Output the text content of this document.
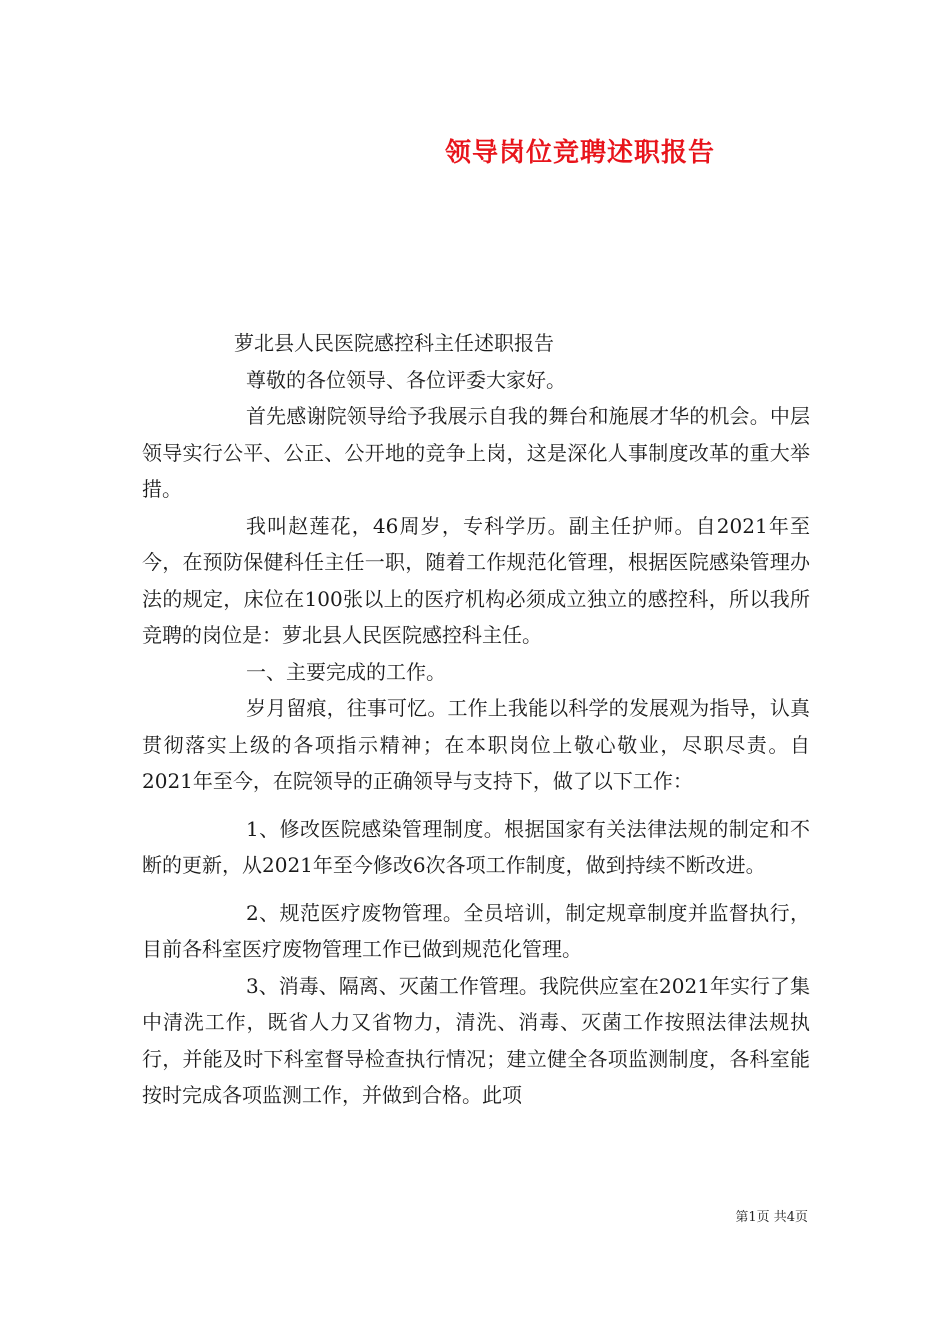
领导岗位竞聘述职报告

萝北县人民医院感控科主任述职报告

尊敬的各位领导、各位评委大家好。

首先感谢院领导给予我展示自我的舞台和施展才华的机会。中层领导实行公平、公正、公开地的竞争上岗，这是深化人事制度改革的重大举措。

我叫赵莲花，46周岁，专科学历。副主任护师。自2021年至今，在预防保健科任主任一职，随着工作规范化管理，根据医院感染管理办法的规定，床位在100张以上的医疗机构必须成立独立的感控科，所以我所竞聘的岗位是：萝北县人民医院感控科主任。

一、主要完成的工作。

岁月留痕，往事可忆。工作上我能以科学的发展观为指导，认真贯彻落实上级的各项指示精神；在本职岗位上敬心敬业，尽职尽责。自2021年至今，在院领导的正确领导与支持下，做了以下工作：

1、修改医院感染管理制度。根据国家有关法律法规的制定和不断的更新，从2021年至今修改6次各项工作制度，做到持续不断改进。

2、规范医疗废物管理。全员培训，制定规章制度并监督执行，目前各科室医疗废物管理工作已做到规范化管理。

3、消毒、隔离、灭菌工作管理。我院供应室在2021年实行了集中清洗工作，既省人力又省物力，清洗、消毒、灭菌工作按照法律法规执行，并能及时下科室督导检查执行情况；建立健全各项监测制度，各科室能按时完成各项监测工作，并做到合格。此项

第1页 共4页
